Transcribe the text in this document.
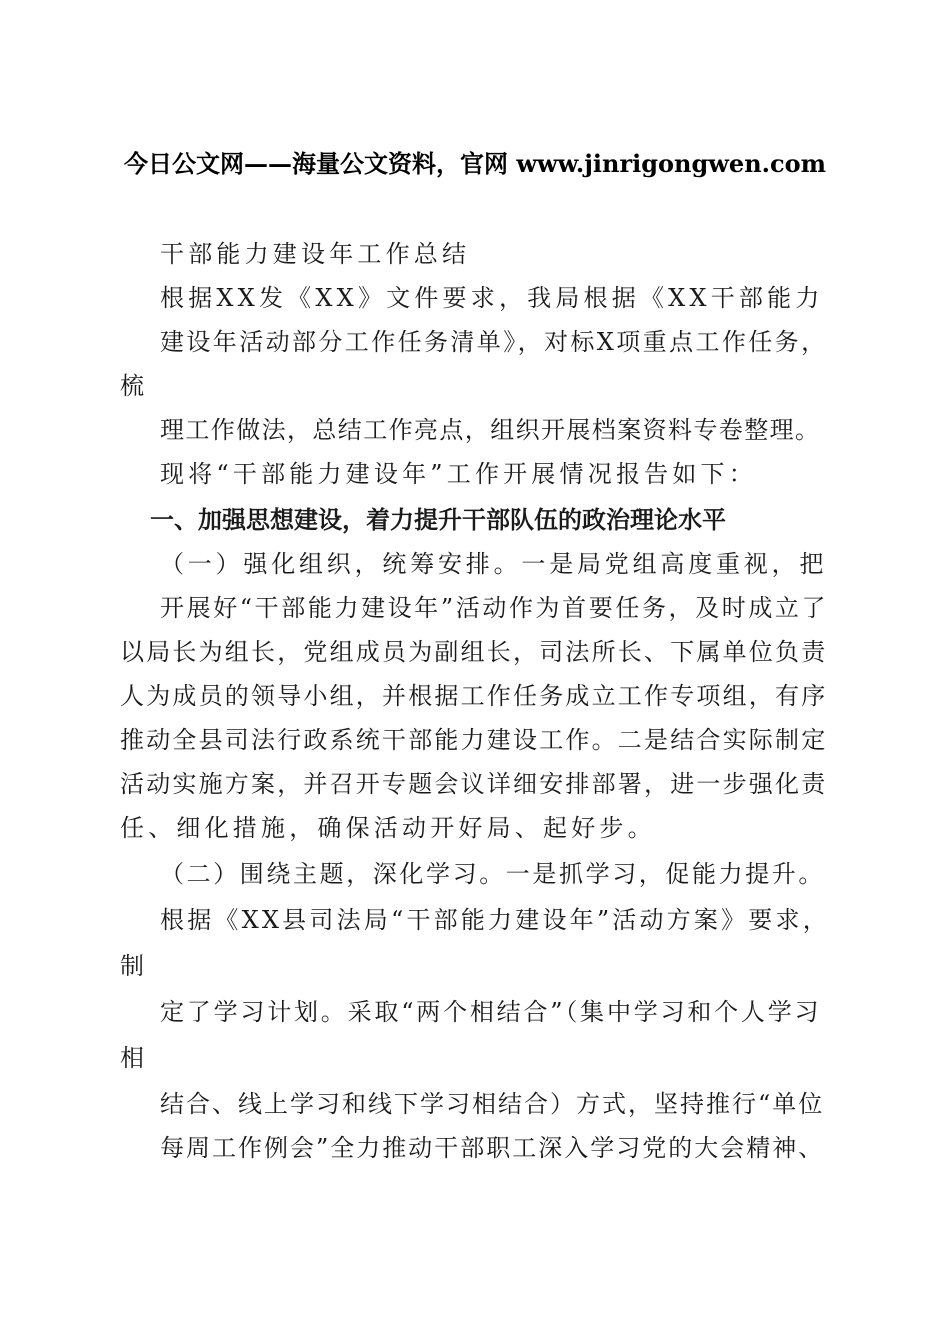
今日公文网——海量公文资料，官网 www.jinrigongwen.com
干部能力建设年工作总结
根据XX发《XX》文件要求，我局根据《XX干部能力
建设年活动部分工作任务清单》，对标X项重点工作任务，
梳
理工作做法，总结工作亮点，组织开展档案资料专卷整理。
现将“干部能力建设年”工作开展情况报告如下：
一、加强思想建设，着力提升干部队伍的政治理论水平
（一）强化组织，统筹安排。一是局党组高度重视，把
开展好“干部能力建设年”活动作为首要任务，及时成立了
以局长为组长，党组成员为副组长，司法所长、下属单位负责
人为成员的领导小组，并根据工作任务成立工作专项组，有序
推动全县司法行政系统干部能力建设工作。二是结合实际制定
活动实施方案，并召开专题会议详细安排部署，进一步强化责
任、细化措施，确保活动开好局、起好步。
（二）围绕主题，深化学习。一是抓学习，促能力提升。
根据《XX县司法局“干部能力建设年”活动方案》要求，
制
定了学习计划。采取“两个相结合”（集中学习和个人学习
相
结合、线上学习和线下学习相结合）方式，坚持推行“单位
每周工作例会”全力推动干部职工深入学习党的大会精神、
